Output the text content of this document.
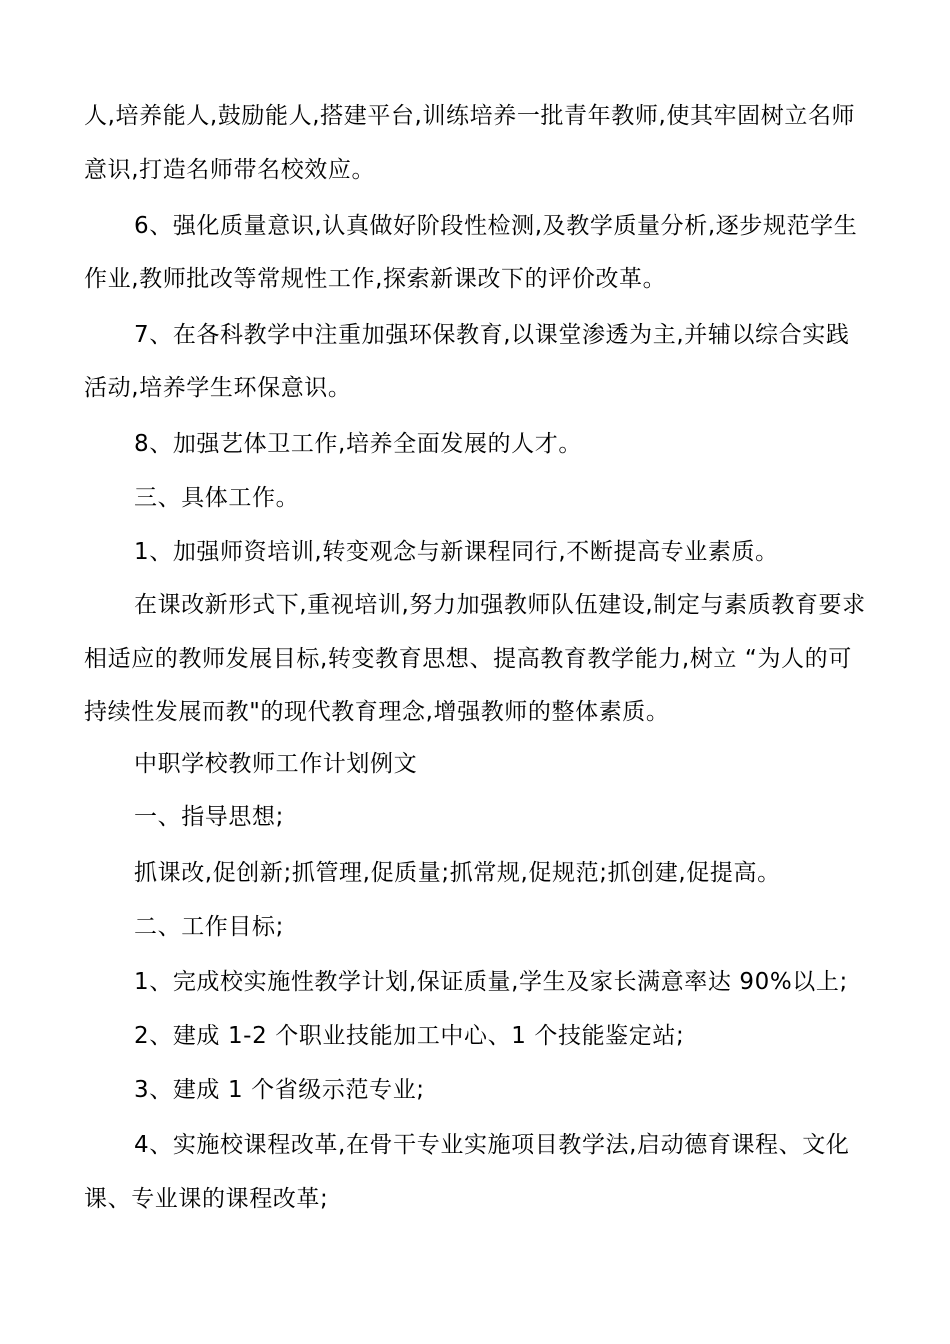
人,培养能人,鼓励能人,搭建平台,训练培养一批青年教师,使其牢固树立名师
意识,打造名师带名校效应。
6、强化质量意识,认真做好阶段性检测,及教学质量分析,逐步规范学生
作业,教师批改等常规性工作,探索新课改下的评价改革。
7、在各科教学中注重加强环保教育,以课堂渗透为主,并辅以综合实践
活动,培养学生环保意识。
8、加强艺体卫工作,培养全面发展的人才。
三、具体工作。
1、加强师资培训,转变观念与新课程同行,不断提高专业素质。
在课改新形式下,重视培训,努力加强教师队伍建设,制定与素质教育要求
相适应的教师发展目标,转变教育思想、提高教育教学能力,树立 “为人的可
持续性发展而教"的现代教育理念,增强教师的整体素质。
中职学校教师工作计划例文
一、指导思想;
抓课改,促创新;抓管理,促质量;抓常规,促规范;抓创建,促提高。
二、工作目标;
1、完成校实施性教学计划,保证质量,学生及家长满意率达 90%以上;
2、建成 1-2 个职业技能加工中心、1 个技能鉴定站;
3、建成 1 个省级示范专业;
4、实施校课程改革,在骨干专业实施项目教学法,启动德育课程、文化
课、专业课的课程改革;
